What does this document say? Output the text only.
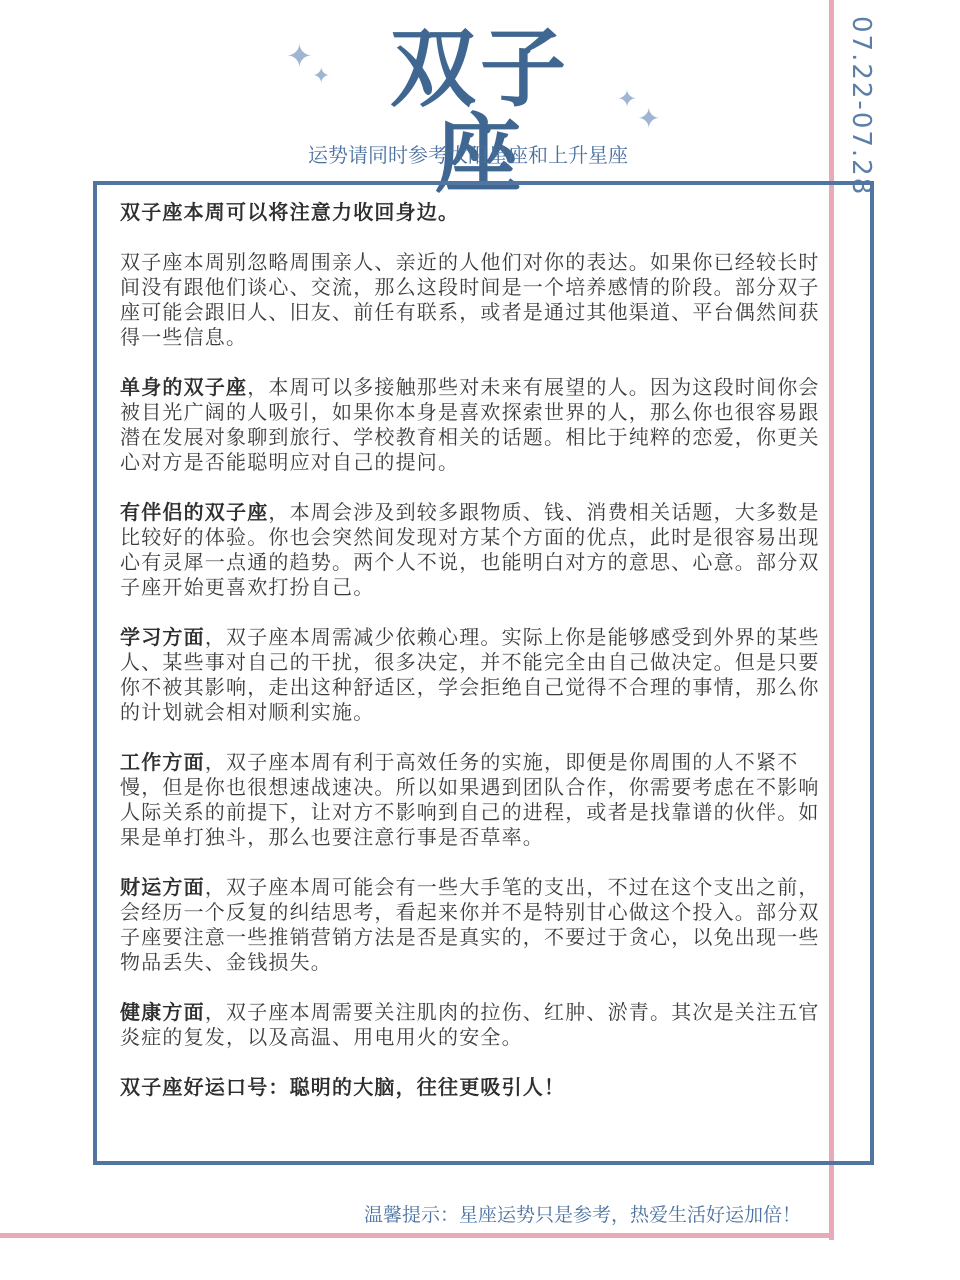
07.22-07.28
✦
✦ 双子座
✦
✦
运势请同时参考太阳星座和上升星座

双子座本周可以将注意力收回身边。

双子座本周别忽略周围亲人、亲近的人他们对你的表达。如果你已经较长时间没有跟他们谈心、交流，那么这段时间是一个培养感情的阶段。部分双子座可能会跟旧人、旧友、前任有联系，或者是通过其他渠道、平台偶然间获得一些信息。

单身的双子座，本周可以多接触那些对未来有展望的人。因为这段时间你会被目光广阔的人吸引，如果你本身是喜欢探索世界的人，那么你也很容易跟潜在发展对象聊到旅行、学校教育相关的话题。相比于纯粹的恋爱，你更关心对方是否能聪明应对自己的提问。

有伴侣的双子座，本周会涉及到较多跟物质、钱、消费相关话题，大多数是比较好的体验。你也会突然间发现对方某个方面的优点，此时是很容易出现心有灵犀一点通的趋势。两个人不说，也能明白对方的意思、心意。部分双子座开始更喜欢打扮自己。

学习方面，双子座本周需减少依赖心理。实际上你是能够感受到外界的某些人、某些事对自己的干扰，很多决定，并不能完全由自己做决定。但是只要你不被其影响，走出这种舒适区，学会拒绝自己觉得不合理的事情，那么你的计划就会相对顺利实施。

工作方面，双子座本周有利于高效任务的实施，即便是你周围的人不紧不慢，但是你也很想速战速决。所以如果遇到团队合作，你需要考虑在不影响人际关系的前提下，让对方不影响到自己的进程，或者是找靠谱的伙伴。如果是单打独斗，那么也要注意行事是否草率。

财运方面，双子座本周可能会有一些大手笔的支出，不过在这个支出之前，会经历一个反复的纠结思考，看起来你并不是特别甘心做这个投入。部分双子座要注意一些推销营销方法是否是真实的，不要过于贪心，以免出现一些物品丢失、金钱损失。

健康方面，双子座本周需要关注肌肉的拉伤、红肿、淤青。其次是关注五官炎症的复发，以及高温、用电用火的安全。

双子座好运口号：聪明的大脑，往往更吸引人！

温馨提示：星座运势只是参考，热爱生活好运加倍！
